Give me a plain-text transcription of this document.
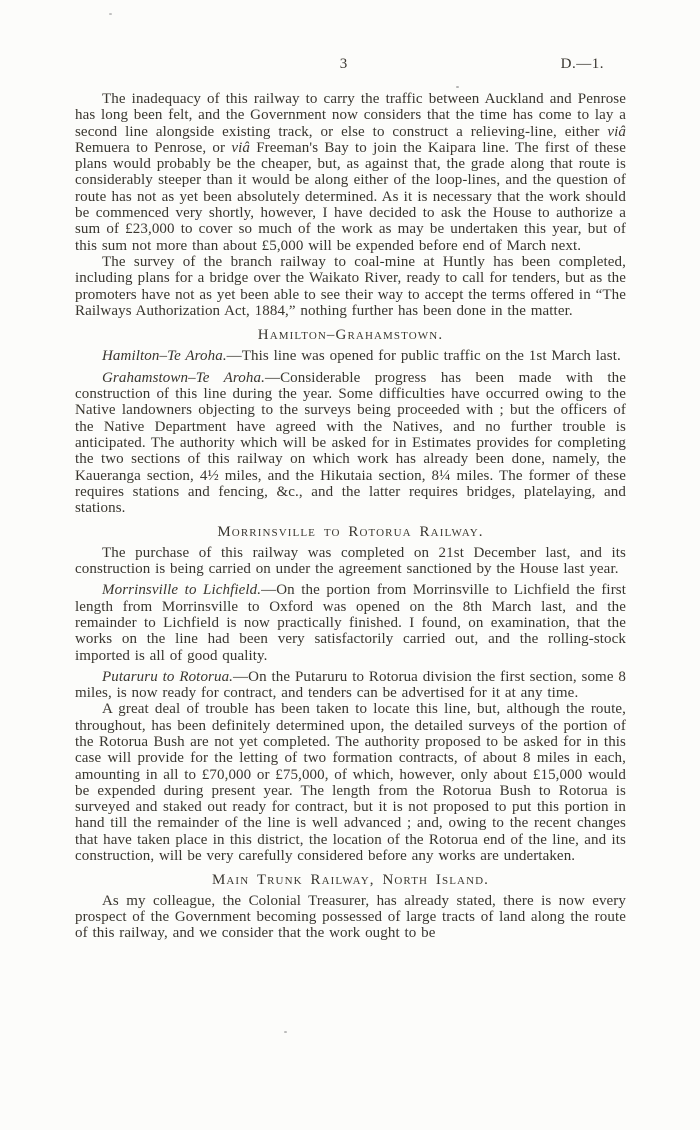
3	D.—1.

The inadequacy of this railway to carry the traffic between Auckland and Penrose has long been felt, and the Government now considers that the time has come to lay a second line alongside existing track, or else to construct a relieving-line, either viâ Remuera to Penrose, or viâ Freeman's Bay to join the Kaipara line. The first of these plans would probably be the cheaper, but, as against that, the grade along that route is considerably steeper than it would be along either of the loop-lines, and the question of route has not as yet been absolutely determined. As it is necessary that the work should be commenced very shortly, however, I have decided to ask the House to authorize a sum of £23,000 to cover so much of the work as may be undertaken this year, but of this sum not more than about £5,000 will be expended before end of March next.

The survey of the branch railway to coal-mine at Huntly has been completed, including plans for a bridge over the Waikato River, ready to call for tenders, but as the promoters have not as yet been able to see their way to accept the terms offered in “The Railways Authorization Act, 1884,” nothing further has been done in the matter.

Hamilton–Grahamstown.

Hamilton–Te Aroha.—This line was opened for public traffic on the 1st March last.

Grahamstown–Te Aroha.—Considerable progress has been made with the construction of this line during the year. Some difficulties have occurred owing to the Native landowners objecting to the surveys being proceeded with ; but the officers of the Native Department have agreed with the Natives, and no further trouble is anticipated. The authority which will be asked for in Estimates provides for completing the two sections of this railway on which work has already been done, namely, the Kaueranga section, 4½ miles, and the Hikutaia section, 8¼ miles. The former of these requires stations and fencing, &c., and the latter requires bridges, platelaying, and stations.

Morrinsville to Rotorua Railway.

The purchase of this railway was completed on 21st December last, and its construction is being carried on under the agreement sanctioned by the House last year.

Morrinsville to Lichfield.—On the portion from Morrinsville to Lichfield the first length from Morrinsville to Oxford was opened on the 8th March last, and the remainder to Lichfield is now practically finished. I found, on examination, that the works on the line had been very satisfactorily carried out, and the rolling-stock imported is all of good quality.

Putaruru to Rotorua.—On the Putaruru to Rotorua division the first section, some 8 miles, is now ready for contract, and tenders can be advertised for it at any time.

A great deal of trouble has been taken to locate this line, but, although the route, throughout, has been definitely determined upon, the detailed surveys of the portion of the Rotorua Bush are not yet completed. The authority proposed to be asked for in this case will provide for the letting of two formation contracts, of about 8 miles in each, amounting in all to £70,000 or £75,000, of which, however, only about £15,000 would be expended during present year. The length from the Rotorua Bush to Rotorua is surveyed and staked out ready for contract, but it is not proposed to put this portion in hand till the remainder of the line is well advanced ; and, owing to the recent changes that have taken place in this district, the location of the Rotorua end of the line, and its construction, will be very carefully considered before any works are undertaken.

Main Trunk Railway, North Island.

As my colleague, the Colonial Treasurer, has already stated, there is now every prospect of the Government becoming possessed of large tracts of land along the route of this railway, and we consider that the work ought to be
